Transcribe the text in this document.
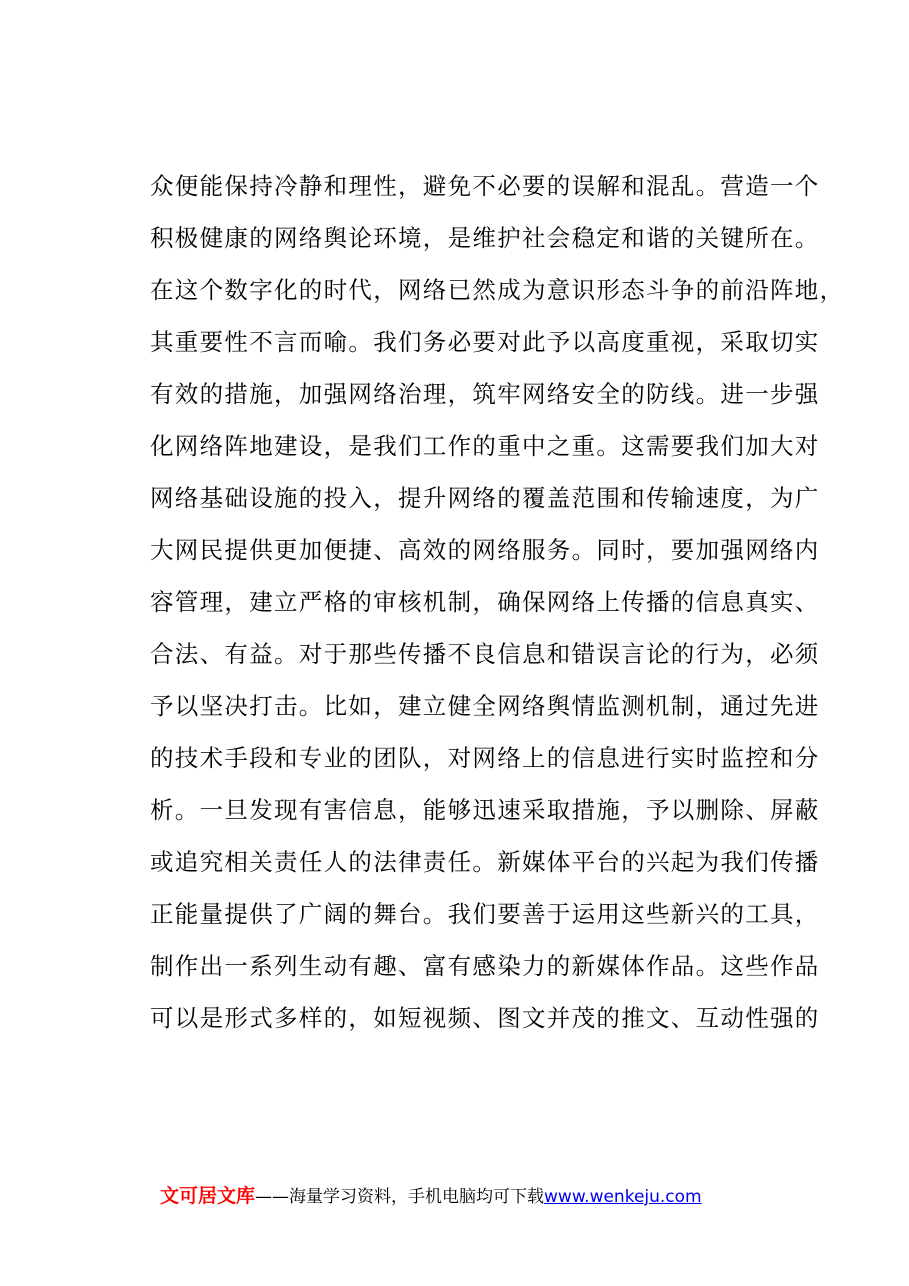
众便能保持冷静和理性，避免不必要的误解和混乱。营造一个
积极健康的网络舆论环境，是维护社会稳定和谐的关键所在。
在这个数字化的时代，网络已然成为意识形态斗争的前沿阵地，
其重要性不言而喻。我们务必要对此予以高度重视，采取切实
有效的措施，加强网络治理，筑牢网络安全的防线。进一步强
化网络阵地建设，是我们工作的重中之重。这需要我们加大对
网络基础设施的投入，提升网络的覆盖范围和传输速度，为广
大网民提供更加便捷、高效的网络服务。同时，要加强网络内
容管理，建立严格的审核机制，确保网络上传播的信息真实、
合法、有益。对于那些传播不良信息和错误言论的行为，必须
予以坚决打击。比如，建立健全网络舆情监测机制，通过先进
的技术手段和专业的团队，对网络上的信息进行实时监控和分
析。一旦发现有害信息，能够迅速采取措施，予以删除、屏蔽
或追究相关责任人的法律责任。新媒体平台的兴起为我们传播
正能量提供了广阔的舞台。我们要善于运用这些新兴的工具，
制作出一系列生动有趣、富有感染力的新媒体作品。这些作品
可以是形式多样的，如短视频、图文并茂的推文、互动性强的
文可居文库——海量学习资料，手机电脑均可下载www.wenkeju.com
